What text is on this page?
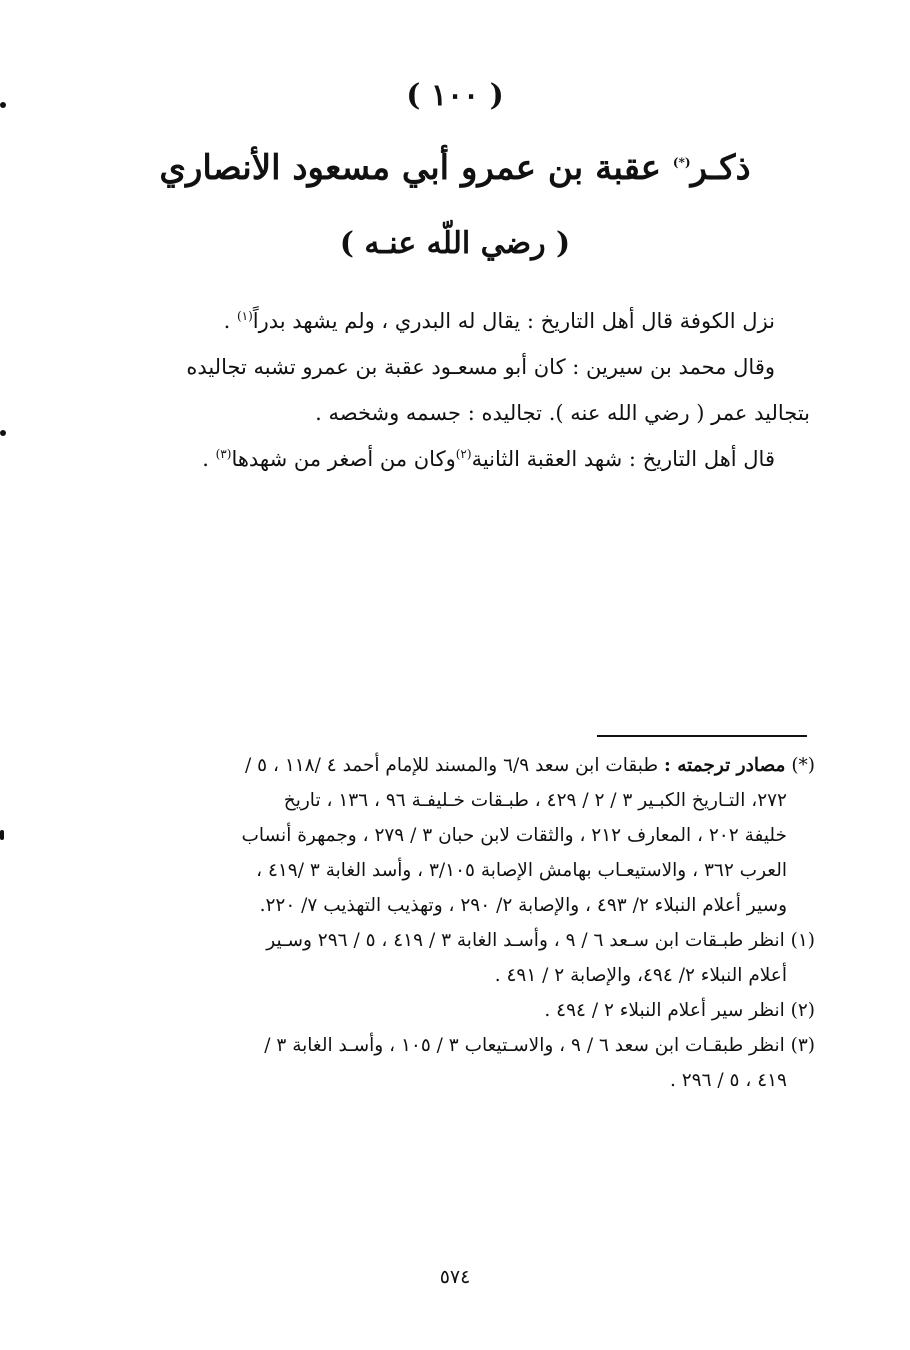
( ١٠٠ )
ذكـر(*) عقبة بن عمرو أبي مسعود الأنصاري
( رضي اللّه عنـه )

نزل الكوفة قال أهل التاريخ : يقال له البدري ، ولم يشهد بدراً$^{(١)}$ .

وقال محمد بن سيرين : كان أبو مسعـود عقبة بن عمرو تشبه تجاليده

بتجاليد عمر ( رضي الله عنه ). تجاليده : جسمه وشخصه .

قال أهل التاريخ : شهد العقبة الثانية$^{(٢)}$وكان من أصغر من شهدها$^{(٣)}$ .

(*) مصادر ترجمته : طبقات ابن سعد ٦/٩ والمسند للإمام أحمد ٤ /١١٨ ، ٥ /

٢٧٢، التـاريخ الكبـير ٣ / ٢ / ٤٢٩ ، طبـقات خـليفـة ٩٦ ، ١٣٦ ، تاريخ

خليفة ٢٠٢ ، المعارف ٢١٢ ، والثقات لابن حبان ٣ / ٢٧٩ ، وجمهرة أنساب

العرب ٣٦٢ ، والاستيعـاب بهامش الإصابة ٣/١٠٥ ، وأسد الغابة ٣ /٤١٩ ،

وسير أعلام النبلاء ٢/ ٤٩٣ ، والإصابة ٢/ ٢٩٠ ، وتهذيب التهذيب ٧/ ٢٢٠.

(١) انظر طبـقات ابن سـعد ٦ / ٩ ، وأسـد الغابة ٣ / ٤١٩ ، ٥ / ٢٩٦ وسـير

أعلام النبلاء ٢/ ٤٩٤، والإصابة ٢ / ٤٩١ .

(٢) انظر سير أعلام النبلاء ٢ / ٤٩٤ .

(٣) انظر طبقـات ابن سعد ٦ / ٩ ، والاسـتيعاب ٣ / ١٠٥ ، وأسـد الغابة ٣ /

٤١٩ ، ٥ / ٢٩٦ .

٥٧٤
